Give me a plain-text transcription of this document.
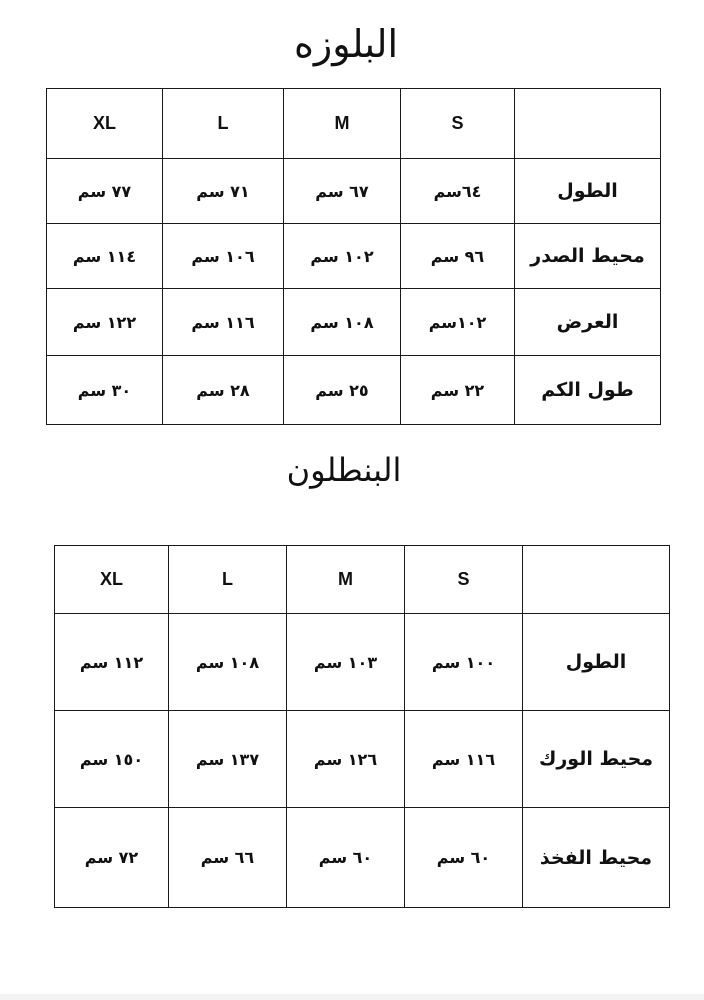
البلوزه
XL	L	M	S	
٧٧ سم	٧١ سم	٦٧ سم	٦٤سم	الطول
١١٤ سم	١٠٦ سم	١٠٢ سم	٩٦ سم	محيط الصدر
١٢٢ سم	١١٦ سم	١٠٨ سم	١٠٢سم	العرض
٣٠ سم	٢٨ سم	٢٥ سم	٢٢ سم	طول الكم
البنطلون
XL	L	M	S	
١١٢ سم	١٠٨ سم	١٠٣ سم	١٠٠ سم	الطول
١٥٠ سم	١٣٧ سم	١٢٦ سم	١١٦ سم	محيط الورك
٧٢ سم	٦٦ سم	٦٠ سم	٦٠ سم	محيط الفخذ
